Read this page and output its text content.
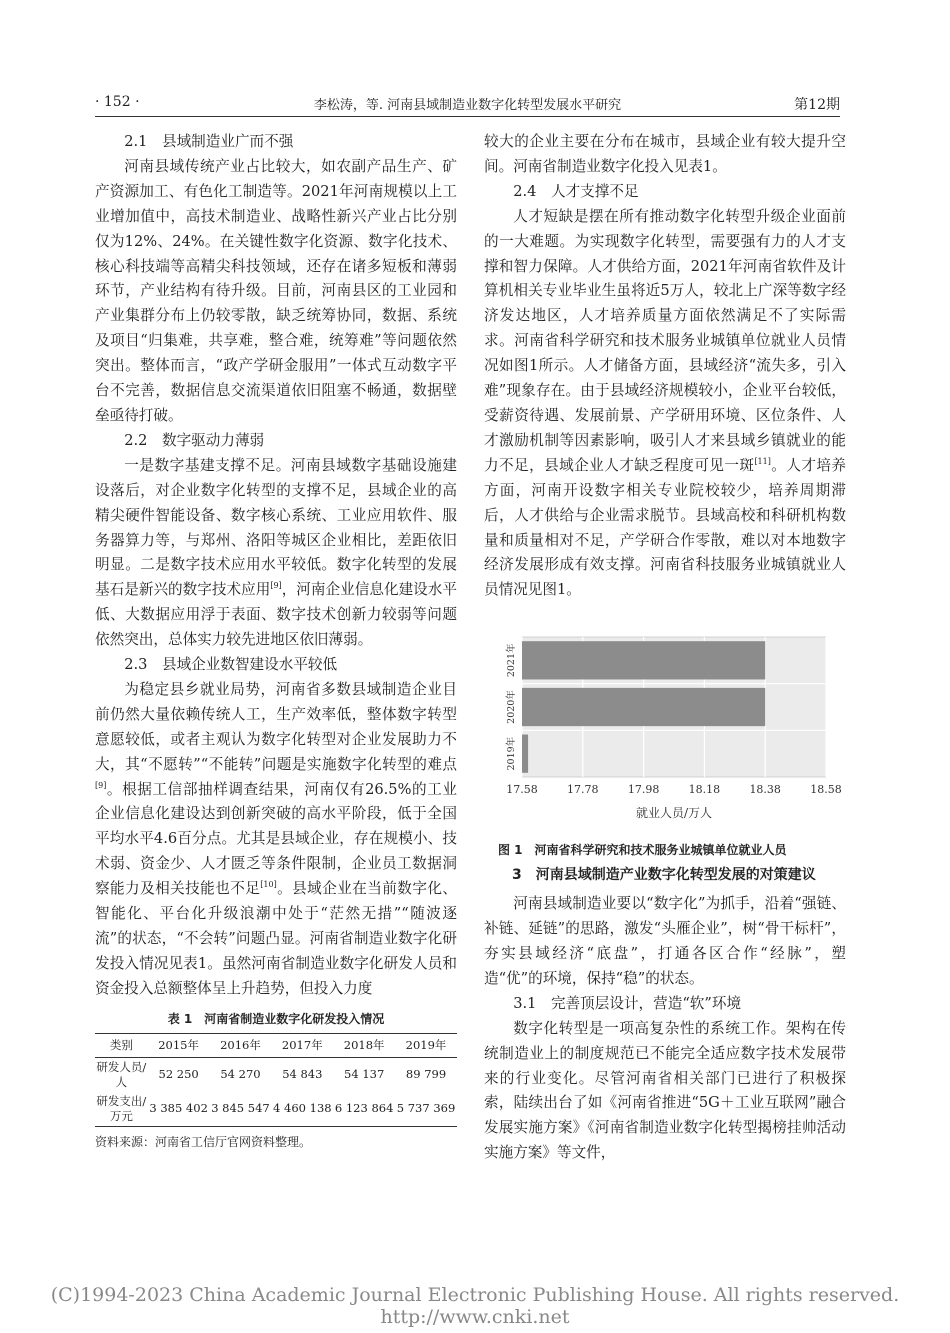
· 152 ·	李松涛，等. 河南县域制造业数字化转型发展水平研究	第12期
2.1　县域制造业广而不强

河南县域传统产业占比较大，如农副产品生产、矿产资源加工、有色化工制造等。2021年河南规模以上工业增加值中，高技术制造业、战略性新兴产业占比分别仅为12%、24%。在关键性数字化资源、数字化技术、核心科技端等高精尖科技领域，还存在诸多短板和薄弱环节，产业结构有待升级。目前，河南县区的工业园和产业集群分布上仍较零散，缺乏统筹协同，数据、系统及项目“归集难，共享难，整合难，统筹难”等问题依然突出。整体而言，“政产学研金服用”一体式互动数字平台不完善，数据信息交流渠道依旧阻塞不畅通，数据壁垒亟待打破。

2.2　数字驱动力薄弱

一是数字基建支撑不足。河南县域数字基础设施建设落后，对企业数字化转型的支撑不足，县域企业的高精尖硬件智能设备、数字核心系统、工业应用软件、服务器算力等，与郑州、洛阳等城区企业相比，差距依旧明显。二是数字技术应用水平较低。数字化转型的发展基石是新兴的数字技术应用[9]，河南企业信息化建设水平低、大数据应用浮于表面、数字技术创新力较弱等问题依然突出，总体实力较先进地区依旧薄弱。

2.3　县域企业数智建设水平较低

为稳定县乡就业局势，河南省多数县域制造企业目前仍然大量依赖传统人工，生产效率低，整体数字转型意愿较低，或者主观认为数字化转型对企业发展助力不大，其“不愿转”“不能转”问题是实施数字化转型的难点[9]。根据工信部抽样调查结果，河南仅有26.5%的工业企业信息化建设达到创新突破的高水平阶段，低于全国平均水平4.6百分点。尤其是县域企业，存在规模小、技术弱、资金少、人才匮乏等条件限制，企业员工数据洞察能力及相关技能也不足[10]。县域企业在当前数字化、智能化、平台化升级浪潮中处于“茫然无措”“随波逐流”的状态，“不会转”问题凸显。河南省制造业数字化研发投入情况见表1。虽然河南省制造业数字化研发人员和资金投入总额整体呈上升趋势，但投入力度

表 1　河南省制造业数字化研发投入情况
类别	2015年	2016年	2017年	2018年	2019年
研发人员/
人	52 250	54 270	54 843	54 137	89 799
研发支出/
万元	3 385 402	3 845 547	4 460 138	6 123 864	5 737 369
资料来源：河南省工信厅官网资料整理。

较大的企业主要在分布在城市，县域企业有较大提升空间。河南省制造业数字化投入见表1。

2.4　人才支撑不足

人才短缺是摆在所有推动数字化转型升级企业面前的一大难题。为实现数字化转型，需要强有力的人才支撑和智力保障。人才供给方面，2021年河南省软件及计算机相关专业毕业生虽将近5万人，较北上广深等数字经济发达地区，人才培养质量方面依然满足不了实际需求。河南省科学研究和技术服务业城镇单位就业人员情况如图1所示。人才储备方面，县域经济“流失多，引入难”现象存在。由于县域经济规模较小，企业平台较低，受薪资待遇、发展前景、产学研用环境、区位条件、人才激励机制等因素影响，吸引人才来县域乡镇就业的能力不足，县域企业人才缺乏程度可见一斑[11]。人才培养方面，河南开设数字相关专业院校较少，培养周期滞后，人才供给与企业需求脱节。县域高校和科研机构数量和质量相对不足，产学研合作零散，难以对本地数字经济发展形成有效支撑。河南省科技服务业城镇就业人员情况见图1。

17.58	17.78	17.98	18.18	18.38	18.58
2021年
2020年
2019年
就业人员/万人
图 1　河南省科学研究和技术服务业城镇单位就业人员
3　河南县域制造产业数字化转型发展的对策建议

河南县域制造业要以“数字化”为抓手，沿着“强链、补链、延链”的思路，激发“头雁企业”，树“骨干标杆”，夯实县域经济“底盘”，打通各区合作“经脉”，塑造“优”的环境，保持“稳”的状态。

3.1　完善顶层设计，营造“软”环境

数字化转型是一项高复杂性的系统工作。架构在传统制造业上的制度规范已不能完全适应数字技术发展带来的行业变化。尽管河南省相关部门已进行了积极探索，陆续出台了如《河南省推进“5G＋工业互联网”融合发展实施方案》《河南省制造业数字化转型揭榜挂帅活动实施方案》等文件，

(C)1994-2023 China Academic Journal Electronic Publishing House. All rights reserved. http://www.cnki.net
